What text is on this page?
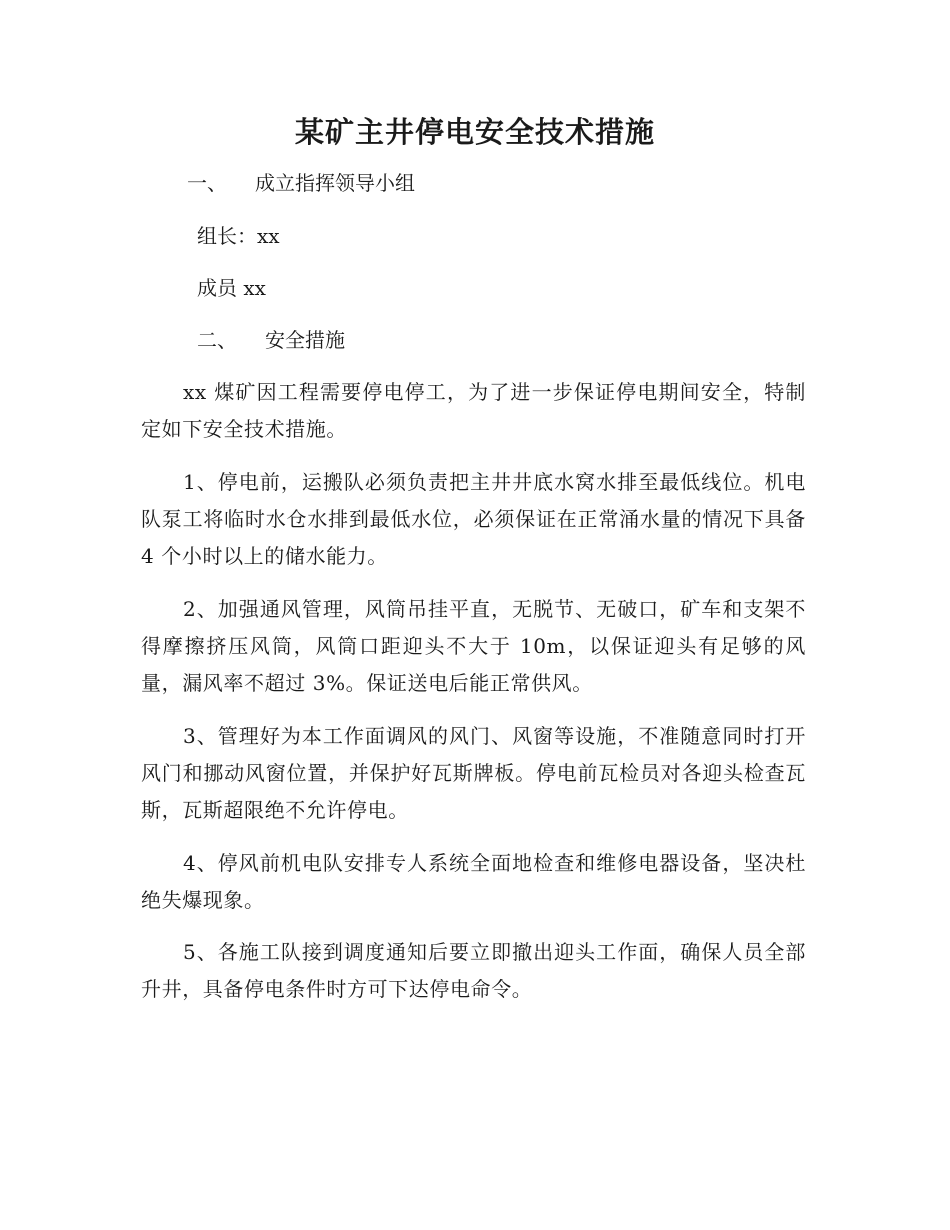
某矿主井停电安全技术措施

一、 成立指挥领导小组

组长：xx

成员 xx

二、 安全措施

xx 煤矿因工程需要停电停工，为了进一步保证停电期间安全，特制定如下安全技术措施。

1、停电前，运搬队必须负责把主井井底水窝水排至最低线位。机电队泵工将临时水仓水排到最低水位，必须保证在正常涌水量的情况下具备 4 个小时以上的储水能力。

2、加强通风管理，风筒吊挂平直，无脱节、无破口，矿车和支架不得摩擦挤压风筒，风筒口距迎头不大于 10m，以保证迎头有足够的风量，漏风率不超过 3%。保证送电后能正常供风。

3、管理好为本工作面调风的风门、风窗等设施，不准随意同时打开风门和挪动风窗位置，并保护好瓦斯牌板。停电前瓦检员对各迎头检查瓦斯，瓦斯超限绝不允许停电。

4、停风前机电队安排专人系统全面地检查和维修电器设备，坚决杜绝失爆现象。

5、各施工队接到调度通知后要立即撤出迎头工作面，确保人员全部升井，具备停电条件时方可下达停电命令。
